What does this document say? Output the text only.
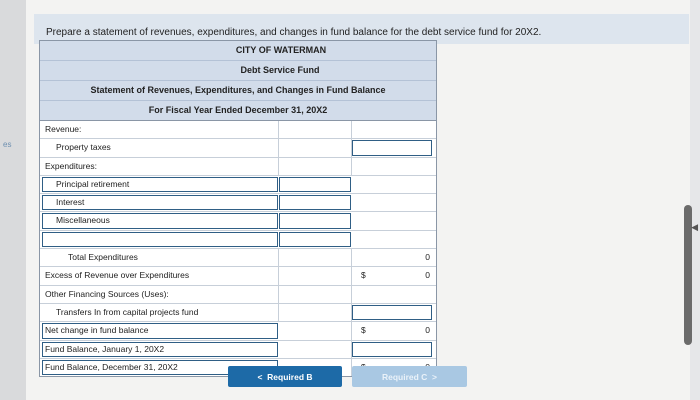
es
Prepare a statement of revenues, expenditures, and changes in fund balance for the debt service fund for 20X2.
◀
CITY OF WATERMAN
Debt Service Fund
Statement of Revenues, Expenditures, and Changes in Fund Balance
For Fiscal Year Ended December 31, 20X2
Revenue:
Property taxes
Expenditures:
Principal retirement
Interest
Miscellaneous
Total Expenditures	0
Excess of Revenue over Expenditures	$	0
Other Financing Sources (Uses):
Transfers In from capital projects fund
Net change in fund balance	$	0
Fund Balance, January 1, 20X2
Fund Balance, December 31, 20X2
< Required B	Required C >
